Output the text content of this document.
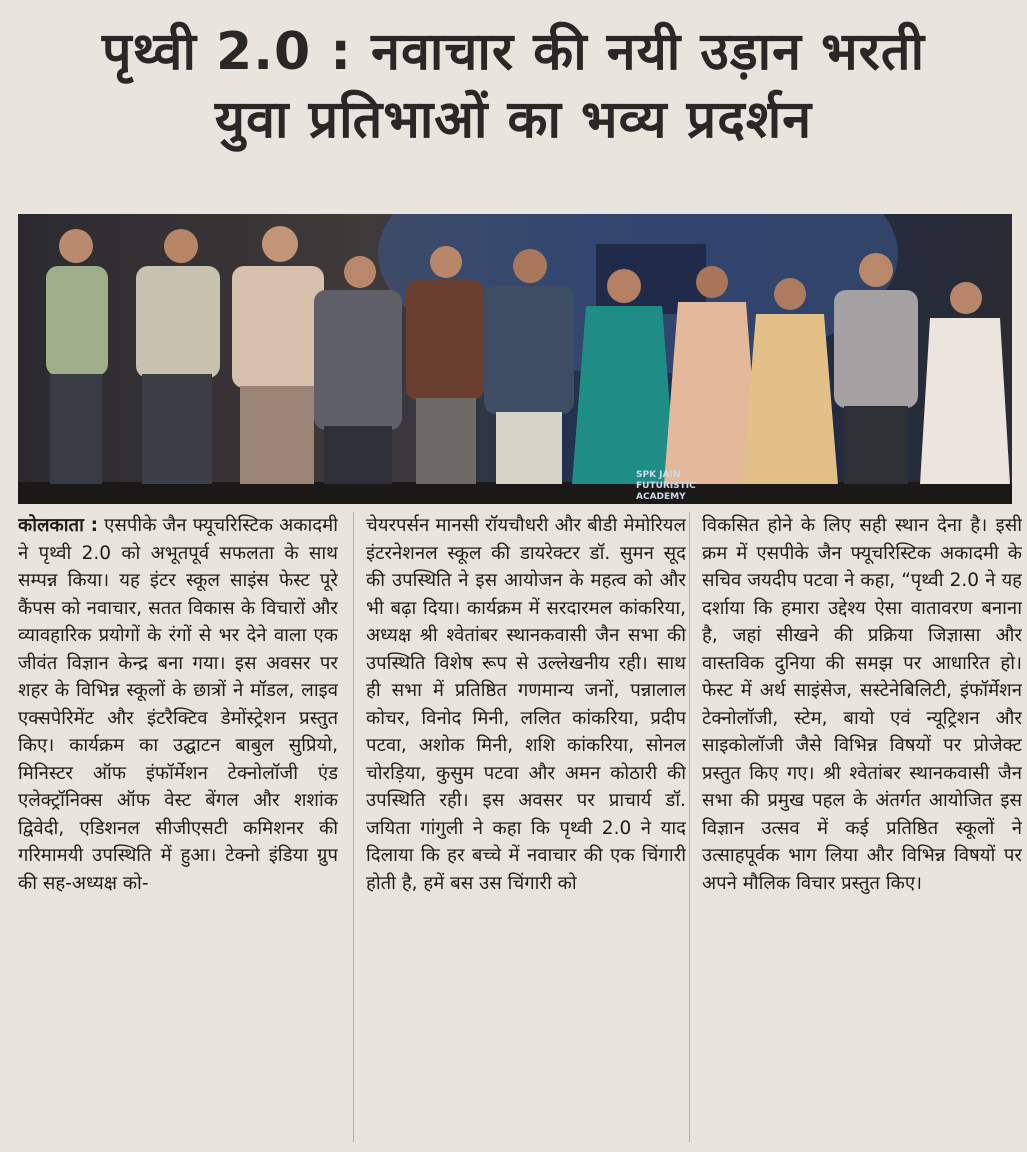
पृथ्वी 2.0 : नवाचार की नयी उड़ान भरती
युवा प्रतिभाओं का भव्य प्रदर्शन
SPK JAIN
FUTURISTIC
ACADEMY

कोलकाता : एसपीके जैन फ्यूचरिस्टिक अकादमी ने पृथ्वी 2.0 को अभूतपूर्व सफलता के साथ सम्पन्न किया। यह इंटर स्कूल साइंस फेस्ट पूरे कैंपस को नवाचार, सतत विकास के विचारों और व्यावहारिक प्रयोगों के रंगों से भर देने वाला एक जीवंत विज्ञान केन्द्र बना गया। इस अवसर पर शहर के विभिन्न स्कूलों के छात्रों ने मॉडल, लाइव एक्सपेरिमेंट और इंटरैक्टिव डेमोंस्ट्रेशन प्रस्तुत किए। कार्यक्रम का उद्घाटन बाबुल सुप्रियो, मिनिस्टर ऑफ इंफॉर्मेशन टेक्नोलॉजी एंड एलेक्ट्रॉनिक्स ऑफ वेस्ट बेंगल और शशांक द्विवेदी, एडिशनल सीजीएसटी कमिशनर की गरिमामयी उपस्थिति में हुआ। टेक्नो इंडिया ग्रुप की सह-अध्यक्ष को-

चेयरपर्सन मानसी रॉयचौधरी और बीडी मेमोरियल इंटरनेशनल स्कूल की डायरेक्टर डॉ. सुमन सूद की उपस्थिति ने इस आयोजन के महत्व को और भी बढ़ा दिया। कार्यक्रम में सरदारमल कांकरिया, अध्यक्ष श्री श्वेतांबर स्थानकवासी जैन सभा की उपस्थिति विशेष रूप से उल्लेखनीय रही। साथ ही सभा में प्रतिष्ठित गणमान्य जनों, पन्नालाल कोचर, विनोद मिनी, ललित कांकरिया, प्रदीप पटवा, अशोक मिनी, शशि कांकरिया, सोनल चोरड़िया, कुसुम पटवा और अमन कोठारी की उपस्थिति रही। इस अवसर पर प्राचार्य डॉ. जयिता गांगुली ने कहा कि पृथ्वी 2.0 ने याद दिलाया कि हर बच्चे में नवाचार की एक चिंगारी होती है, हमें बस उस चिंगारी को

विकसित होने के लिए सही स्थान देना है। इसी क्रम में एसपीके जैन फ्यूचरिस्टिक अकादमी के सचिव जयदीप पटवा ने कहा, “पृथ्वी 2.0 ने यह दर्शाया कि हमारा उद्देश्य ऐसा वातावरण बनाना है, जहां सीखने की प्रक्रिया जिज्ञासा और वास्तविक दुनिया की समझ पर आधारित हो। फेस्ट में अर्थ साइंसेज, सस्टेनेबिलिटी, इंफॉर्मेशन टेक्नोलॉजी, स्टेम, बायो एवं न्यूट्रिशन और साइकोलॉजी जैसे विभिन्न विषयों पर प्रोजेक्ट प्रस्तुत किए गए। श्री श्वेतांबर स्थानकवासी जैन सभा की प्रमुख पहल के अंतर्गत आयोजित इस विज्ञान उत्सव में कई प्रतिष्ठित स्कूलों ने उत्साहपूर्वक भाग लिया और विभिन्न विषयों पर अपने मौलिक विचार प्रस्तुत किए।
